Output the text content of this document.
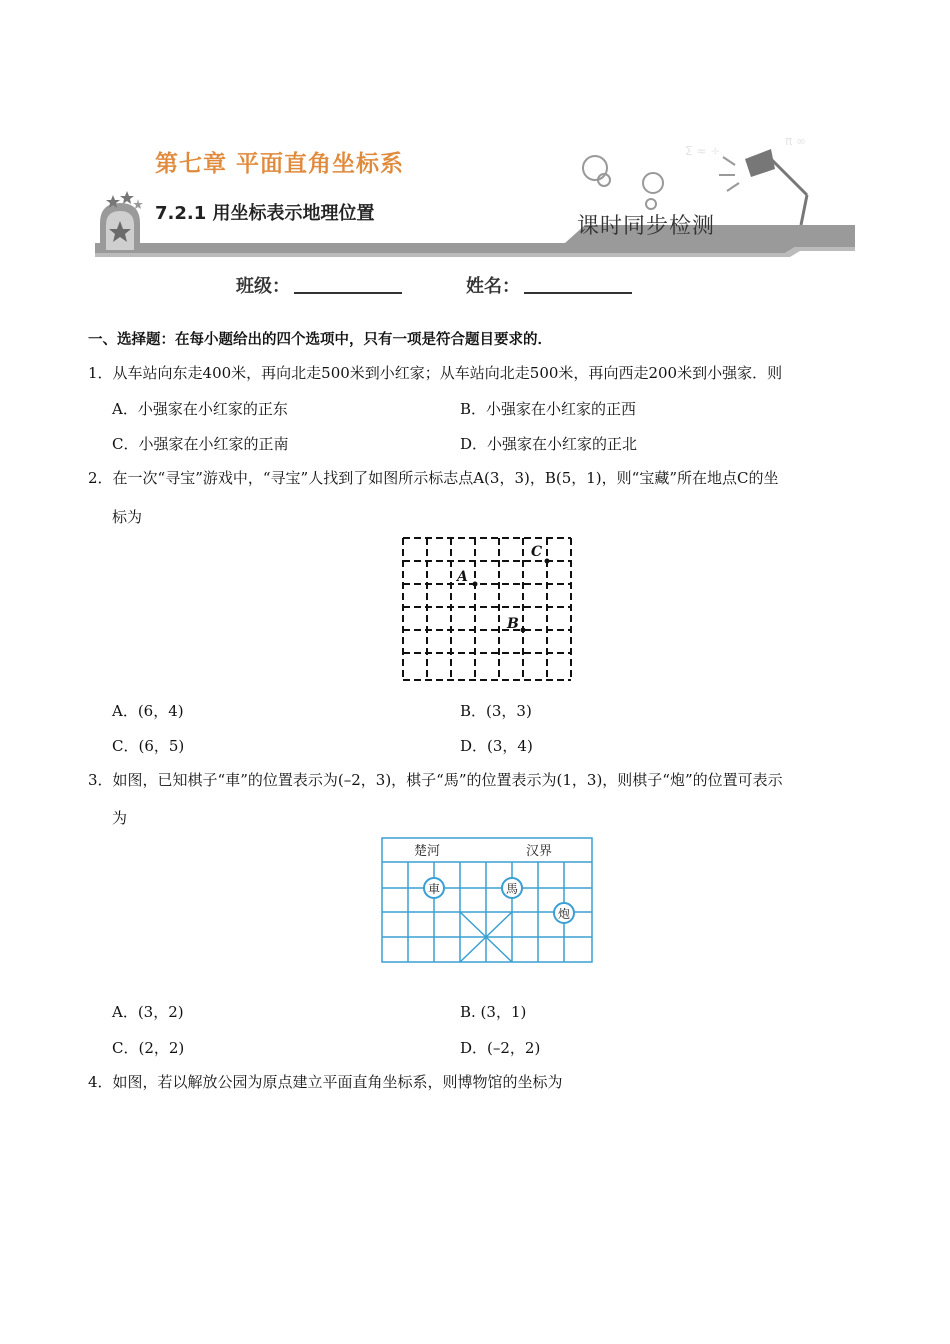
Σ ≈ ÷
π ∞
第七章 平面直角坐标系
7.2.1 用坐标表示地理位置
课时同步检测
班级：	姓名：
一、选择题：在每小题给出的四个选项中，只有一项是符合题目要求的．
1．从车站向东走400米，再向北走500米到小红家；从车站向北走500米，再向西走200米到小强家．则
A．小强家在小红家的正东	B．小强家在小红家的正西
C．小强家在小红家的正南	D．小强家在小红家的正北
2．在一次“寻宝”游戏中，“寻宝”人找到了如图所示标志点A(3，3)，B(5，1)，则“宝藏”所在地点C的坐
标为
A
B
C
A．(6，4)	B．(3，3)
C．(6，5)	D．(3，4)
3．如图，已知棋子“車”的位置表示为(–2，3)，棋子“馬”的位置表示为(1，3)，则棋子“炮”的位置可表示
为
楚河	汉界
車	馬
炮
A．(3，2)	B. (3，1)
C．(2，2)	D．(–2，2)
4．如图，若以解放公园为原点建立平面直角坐标系，则博物馆的坐标为
